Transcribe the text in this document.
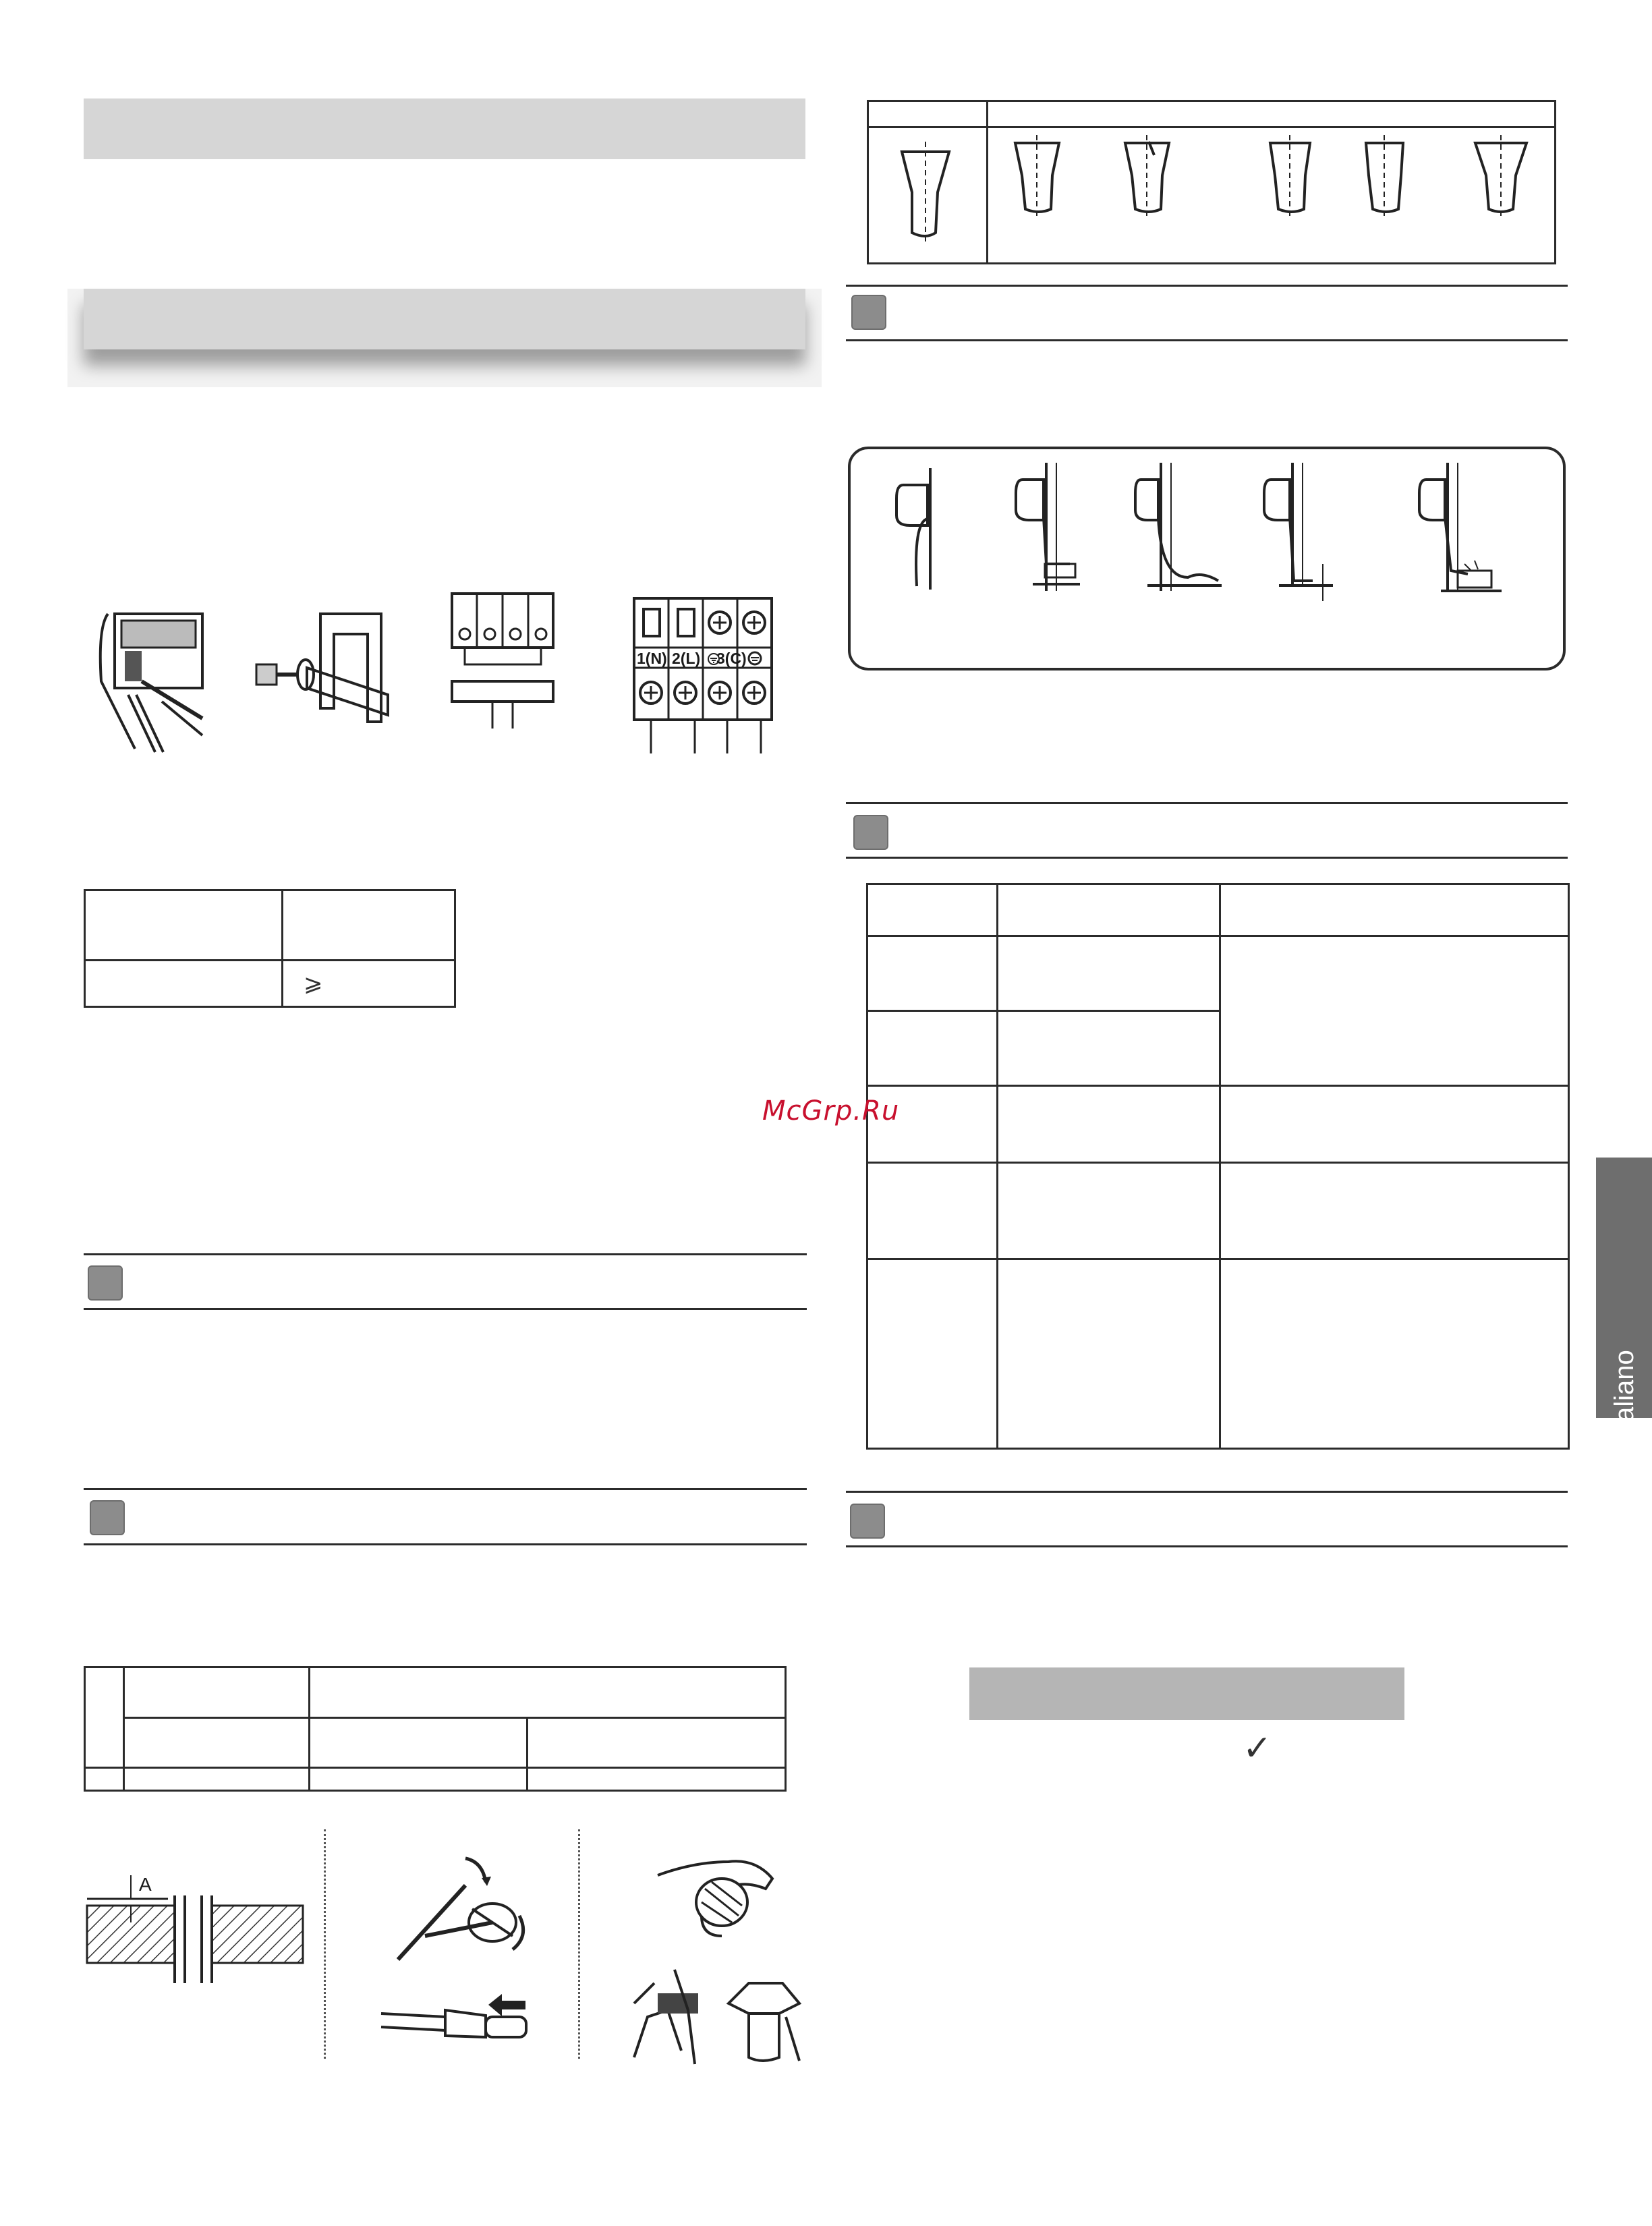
1(N) 2(L) 3(C)

	⩾
A
✓
McGrp.Ru
aliano
